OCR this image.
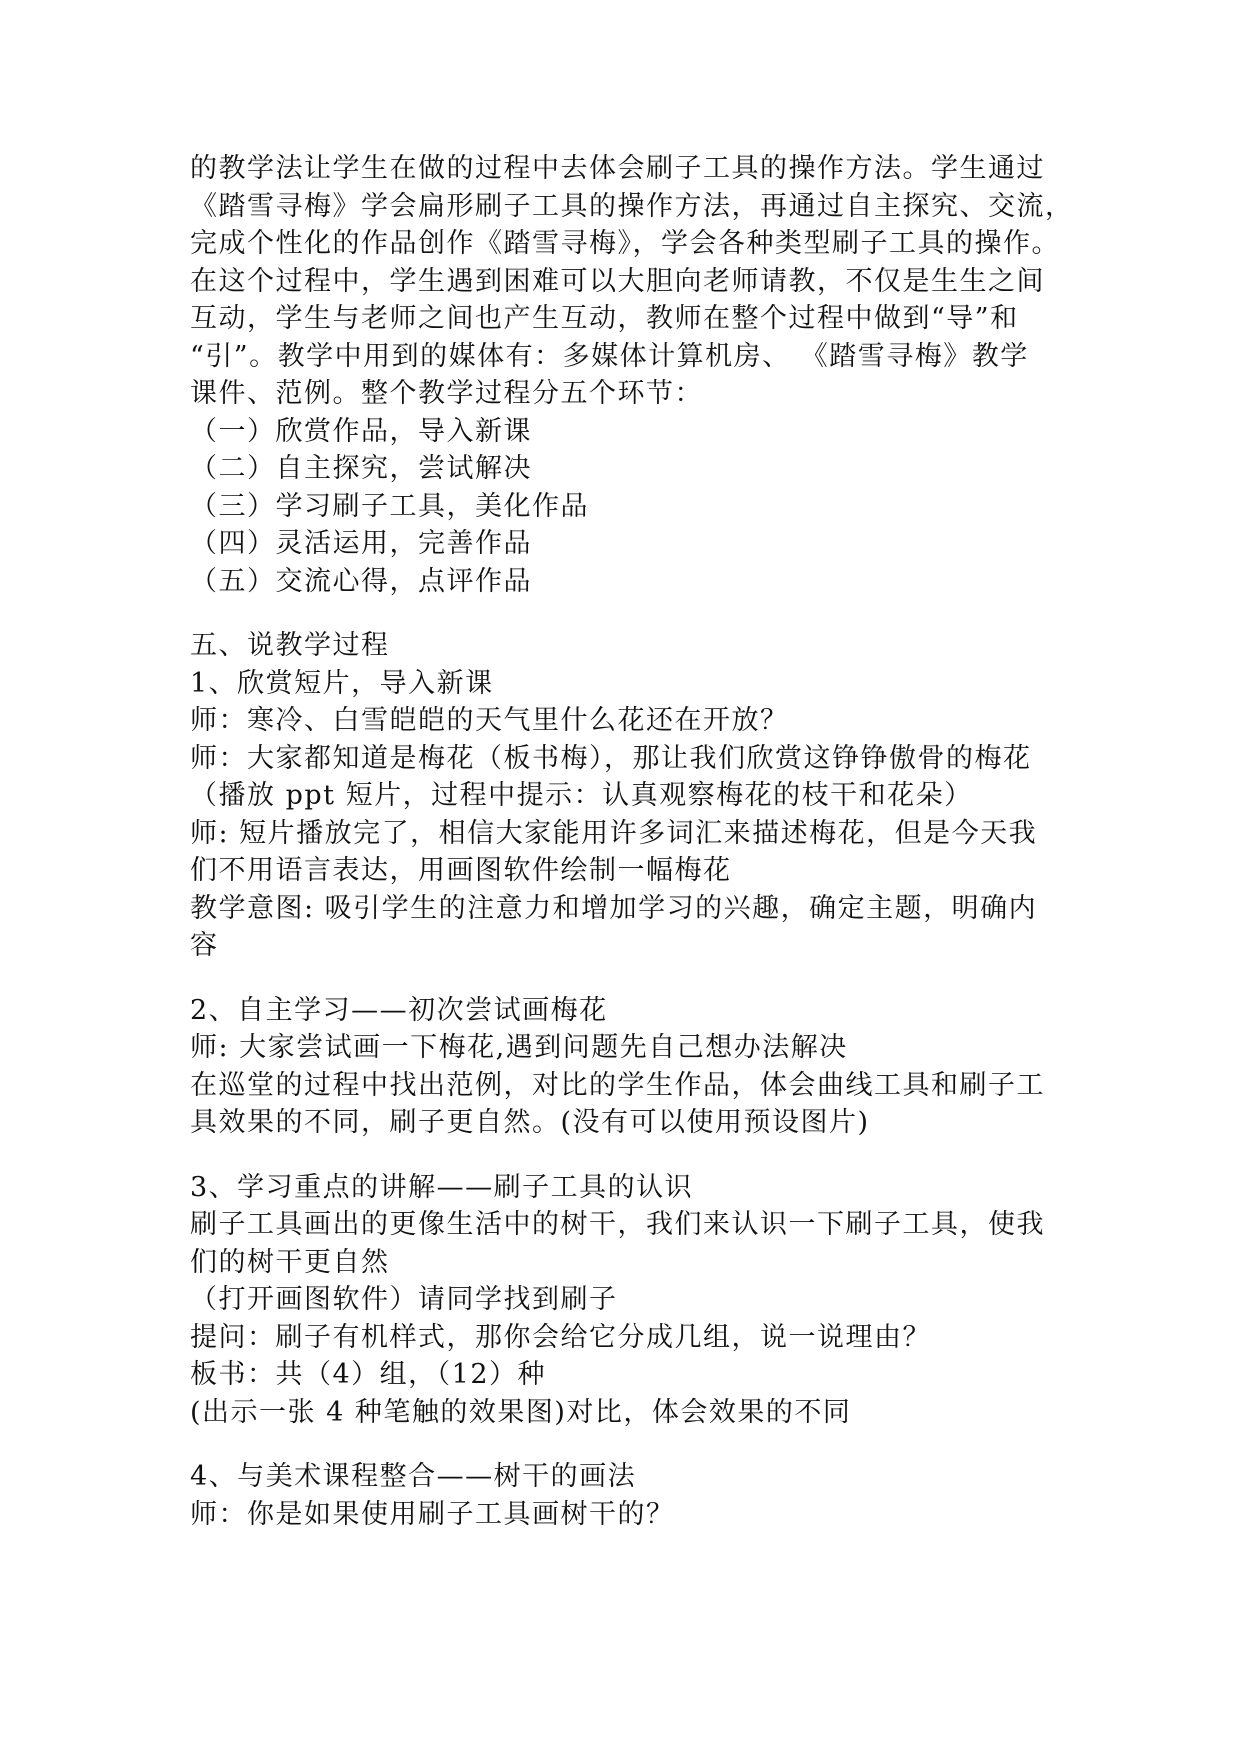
的教学法让学生在做的过程中去体会刷子工具的操作方法。学生通过
《踏雪寻梅》学会扁形刷子工具的操作方法，再通过自主探究、交流，
完成个性化的作品创作《踏雪寻梅》，学会各种类型刷子工具的操作。
在这个过程中，学生遇到困难可以大胆向老师请教，不仅是生生之间
互动，学生与老师之间也产生互动，教师在整个过程中做到“导”和
“引”。教学中用到的媒体有：多媒体计算机房、 《踏雪寻梅》教学
课件、范例。整个教学过程分五个环节：
（一）欣赏作品，导入新课
（二）自主探究，尝试解决
（三）学习刷子工具，美化作品
（四）灵活运用，完善作品
（五）交流心得，点评作品
五、说教学过程
1、欣赏短片，导入新课
师：寒冷、白雪皑皑的天气里什么花还在开放？
师：大家都知道是梅花（板书梅），那让我们欣赏这铮铮傲骨的梅花
（播放 ppt 短片，过程中提示：认真观察梅花的枝干和花朵）
师: 短片播放完了，相信大家能用许多词汇来描述梅花，但是今天我
们不用语言表达，用画图软件绘制一幅梅花
教学意图: 吸引学生的注意力和增加学习的兴趣，确定主题，明确内
容
2、自主学习——初次尝试画梅花
师: 大家尝试画一下梅花,遇到问题先自己想办法解决
在巡堂的过程中找出范例，对比的学生作品，体会曲线工具和刷子工
具效果的不同，刷子更自然。(没有可以使用预设图片)
3、学习重点的讲解——刷子工具的认识
刷子工具画出的更像生活中的树干，我们来认识一下刷子工具，使我
们的树干更自然
（打开画图软件）请同学找到刷子
提问：刷子有机样式，那你会给它分成几组，说一说理由？
板书：共（4）组，（12）种
(出示一张 4 种笔触的效果图)对比，体会效果的不同
4、与美术课程整合——树干的画法
师：你是如果使用刷子工具画树干的？
